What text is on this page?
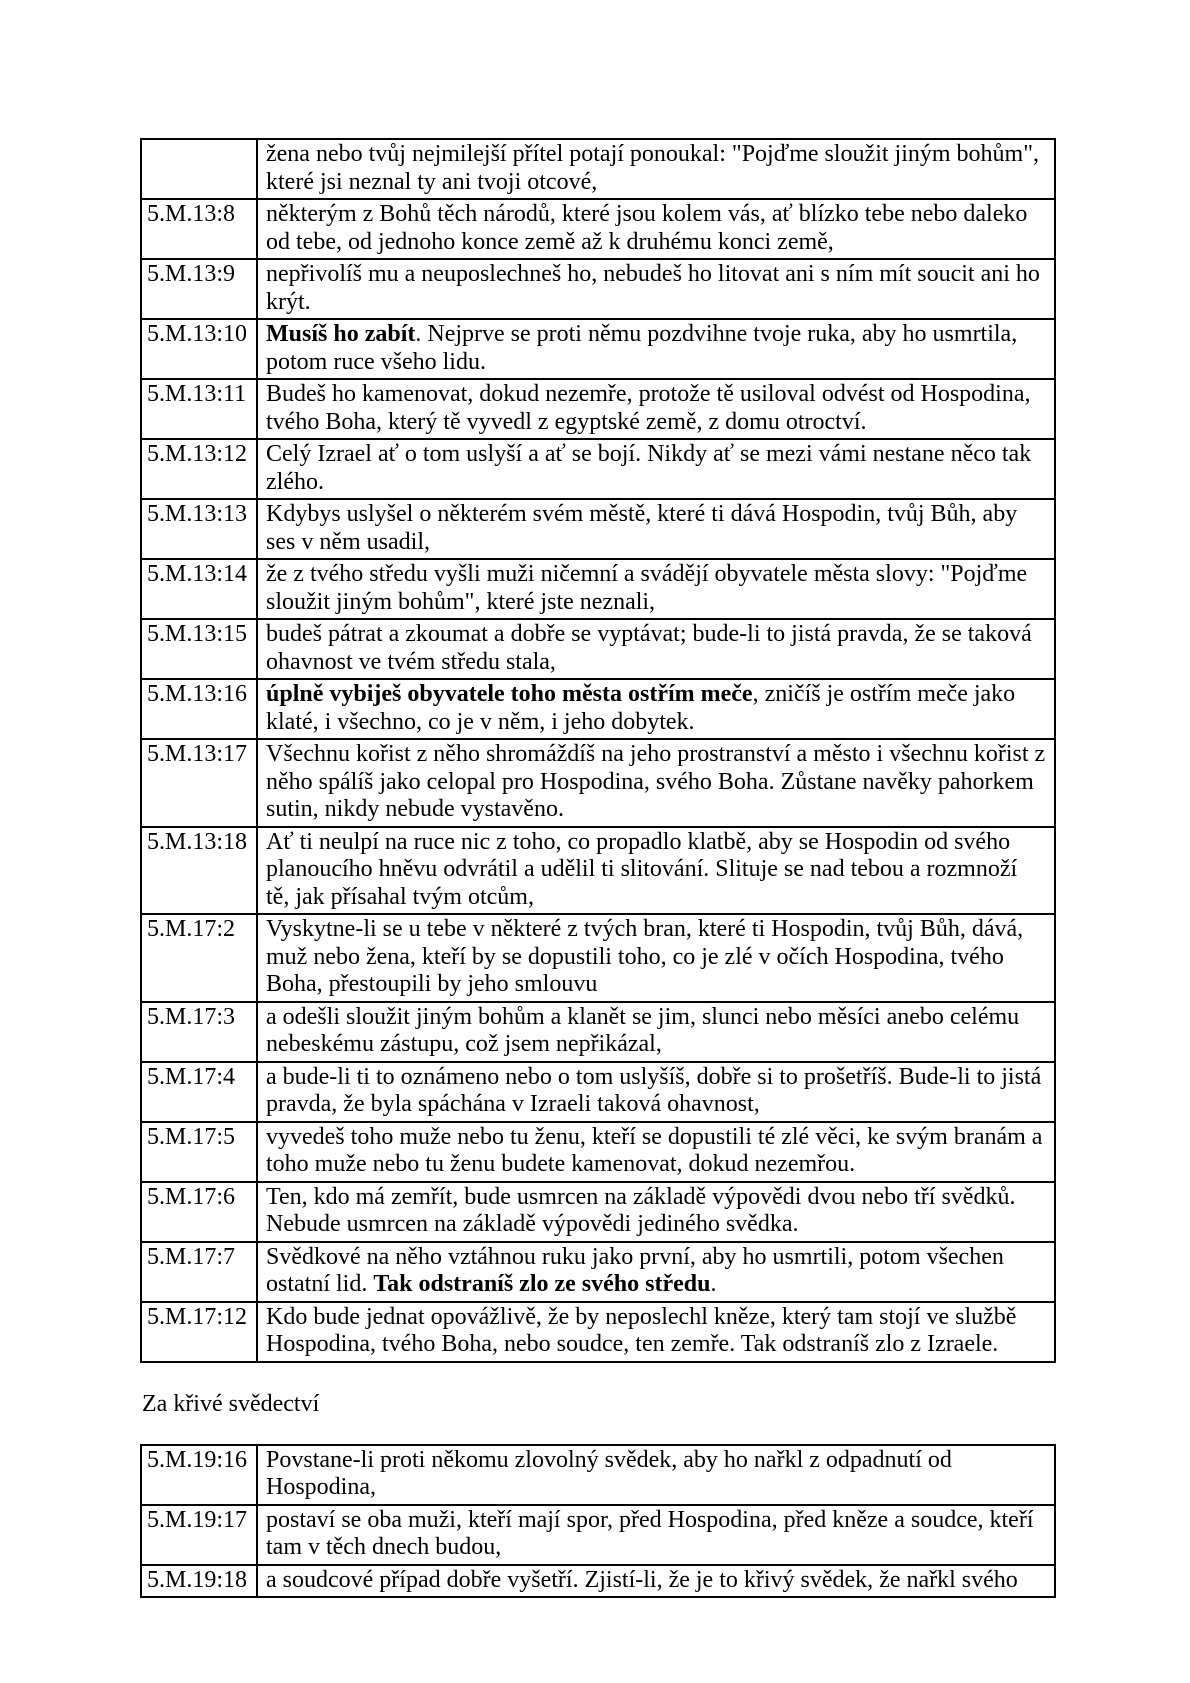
	žena nebo tvůj nejmilejší přítel potají ponoukal: "Pojďme sloužit jiným bohům", které jsi neznal ty ani tvoji otcové,
5.M.13:8	některým z Bohů těch národů, které jsou kolem vás, ať blízko tebe nebo daleko od tebe, od jednoho konce země až k druhému konci země,
5.M.13:9	nepřivolíš mu a neuposlechneš ho, nebudeš ho litovat ani s ním mít soucit ani ho krýt.
5.M.13:10	Musíš ho zabít. Nejprve se proti němu pozdvihne tvoje ruka, aby ho usmrtila, potom ruce všeho lidu.
5.M.13:11	Budeš ho kamenovat, dokud nezemře, protože tě usiloval odvést od Hospodina, tvého Boha, který tě vyvedl z egyptské země, z domu otroctví.
5.M.13:12	Celý Izrael ať o tom uslyší a ať se bojí. Nikdy ať se mezi vámi nestane něco tak zlého.
5.M.13:13	Kdybys uslyšel o některém svém městě, které ti dává Hospodin, tvůj Bůh, aby ses v něm usadil,
5.M.13:14	že z tvého středu vyšli muži ničemní a svádějí obyvatele města slovy: "Pojďme sloužit jiným bohům", které jste neznali,
5.M.13:15	budeš pátrat a zkoumat a dobře se vyptávat; bude-li to jistá pravda, že se taková ohavnost ve tvém středu stala,
5.M.13:16	úplně vybiješ obyvatele toho města ostřím meče, zničíš je ostřím meče jako klaté, i všechno, co je v něm, i jeho dobytek.
5.M.13:17	Všechnu kořist z něho shromáždíš na jeho prostranství a město i všechnu kořist z něho spálíš jako celopal pro Hospodina, svého Boha. Zůstane navěky pahorkem sutin, nikdy nebude vystavěno.
5.M.13:18	Ať ti neulpí na ruce nic z toho, co propadlo klatbě, aby se Hospodin od svého planoucího hněvu odvrátil a udělil ti slitování. Slituje se nad tebou a rozmnoží tě, jak přísahal tvým otcům,
5.M.17:2	Vyskytne-li se u tebe v některé z tvých bran, které ti Hospodin, tvůj Bůh, dává, muž nebo žena, kteří by se dopustili toho, co je zlé v očích Hospodina, tvého Boha, přestoupili by jeho smlouvu
5.M.17:3	a odešli sloužit jiným bohům a klanět se jim, slunci nebo měsíci anebo celému nebeskému zástupu, což jsem nepřikázal,
5.M.17:4	a bude-li ti to oznámeno nebo o tom uslyšíš, dobře si to prošetříš. Bude-li to jistá pravda, že byla spáchána v Izraeli taková ohavnost,
5.M.17:5	vyvedeš toho muže nebo tu ženu, kteří se dopustili té zlé věci, ke svým branám a toho muže nebo tu ženu budete kamenovat, dokud nezemřou.
5.M.17:6	Ten, kdo má zemřít, bude usmrcen na základě výpovědi dvou nebo tří svědků. Nebude usmrcen na základě výpovědi jediného svědka.
5.M.17:7	Svědkové na něho vztáhnou ruku jako první, aby ho usmrtili, potom všechen ostatní lid. Tak odstraníš zlo ze svého středu.
5.M.17:12	Kdo bude jednat opovážlivě, že by neposlechl kněze, který tam stojí ve službě Hospodina, tvého Boha, nebo soudce, ten zemře. Tak odstraníš zlo z Izraele.

Za křivé svědectví

5.M.19:16	Povstane-li proti někomu zlovolný svědek, aby ho nařkl z odpadnutí od Hospodina,
5.M.19:17	postaví se oba muži, kteří mají spor, před Hospodina, před kněze a soudce, kteří tam v těch dnech budou,
5.M.19:18	a soudcové případ dobře vyšetří. Zjistí-li, že je to křivý svědek, že nařkl svého
